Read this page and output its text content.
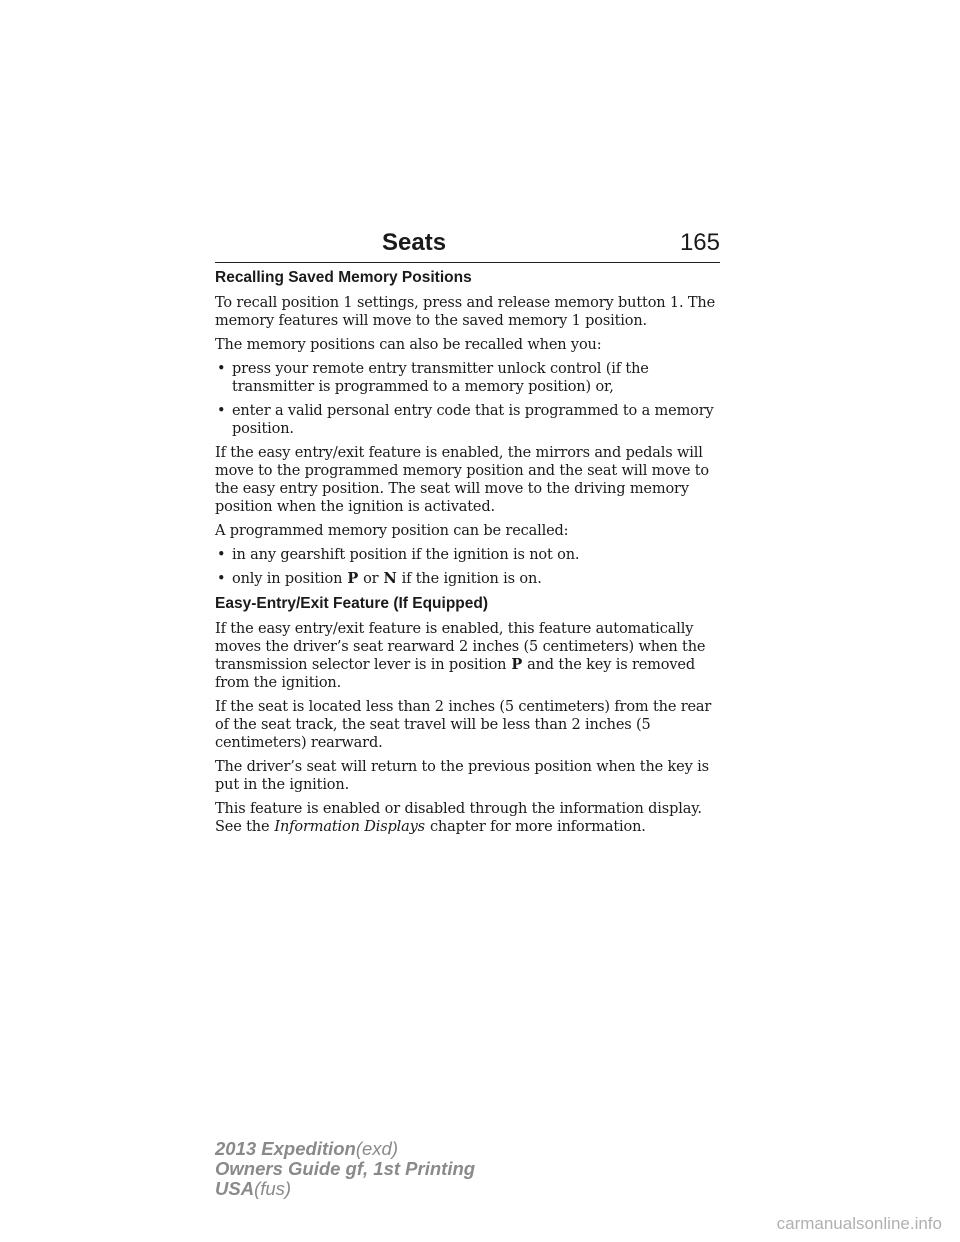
Seats	165
Recalling Saved Memory Positions

To recall position 1 settings, press and release memory button 1. The memory features will move to the saved memory 1 position.

The memory positions can also be recalled when you:

• press your remote entry transmitter unlock control (if the transmitter is programmed to a memory position) or,
• enter a valid personal entry code that is programmed to a memory position.

If the easy entry/exit feature is enabled, the mirrors and pedals will move to the programmed memory position and the seat will move to the easy entry position. The seat will move to the driving memory position when the ignition is activated.

A programmed memory position can be recalled:

• in any gearshift position if the ignition is not on.
• only in position P or N if the ignition is on.
Easy-Entry/Exit Feature (If Equipped)

If the easy entry/exit feature is enabled, this feature automatically moves the driver’s seat rearward 2 inches (5 centimeters) when the transmission selector lever is in position P and the key is removed from the ignition.

If the seat is located less than 2 inches (5 centimeters) from the rear of the seat track, the seat travel will be less than 2 inches (5 centimeters) rearward.

The driver’s seat will return to the previous position when the key is put in the ignition.

This feature is enabled or disabled through the information display. See the Information Displays chapter for more information.

2013 Expedition(exd)
Owners Guide gf, 1st Printing
USA(fus)
carmanualsonline.info
